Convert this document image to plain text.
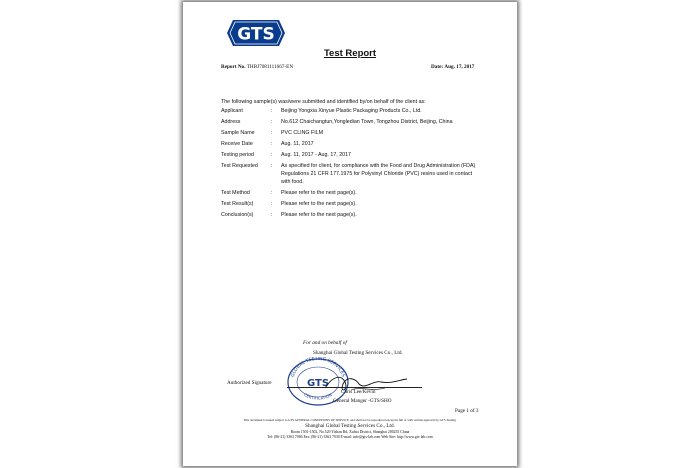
GTS
Test Report
Report No. THBJ7081111667-EN	Date: Aug. 17, 2017
The following sample(s) was/were submitted and identified by/on behalf of the client as:
For and on behalf of
Shanghai Global Testing Services Co., Ltd.
GLOBAL TESTING SERVICES
CERTIFICATION
GTS
Authorized Signature
Chris Lee/Kevin
General Manger -GTS/SHO
Page 1 of 3
This document is issued subject to GTS GENERAL CONDITIONS OF SERVICE, and shall not be reproduced except in full or with written approval by GTS Testing.
Shanghai Global Testing Services Co., Ltd.
Room 1501-1502, No.520 Yishan Rd, Xuhui District, Shanghai 200235 China
Tel: (86-21) 3363 7066 Fax: (86-21) 3363 7030 E-mail: info@gts-lab.com Web Site: http://www.gts-lab.com
Applicant	: Beijing Yongxia Xinyue Plastic Packaging Products Co., Ltd.
Address	: No.612 Chaichangtun,Yongledian Town, Tongzhou District, Beijing, China
Sample Name	: PVC CLING FILM
Receive Date	: Aug. 11, 2017
Testing period	: Aug. 11, 2017 - Aug. 17, 2017
Test Requested	: As specified for client, for compliance with the Food and Drug Administration (FDA)
Regulations 21 CFR 177.1975 for Polyvinyl Chloride (PVC) resins used in contact
with food.
Test Method	: Please refer to the next page(s).
Test Result(s)	: Please refer to the next page(s).
Conclusion(s)	: Please refer to the next page(s).
